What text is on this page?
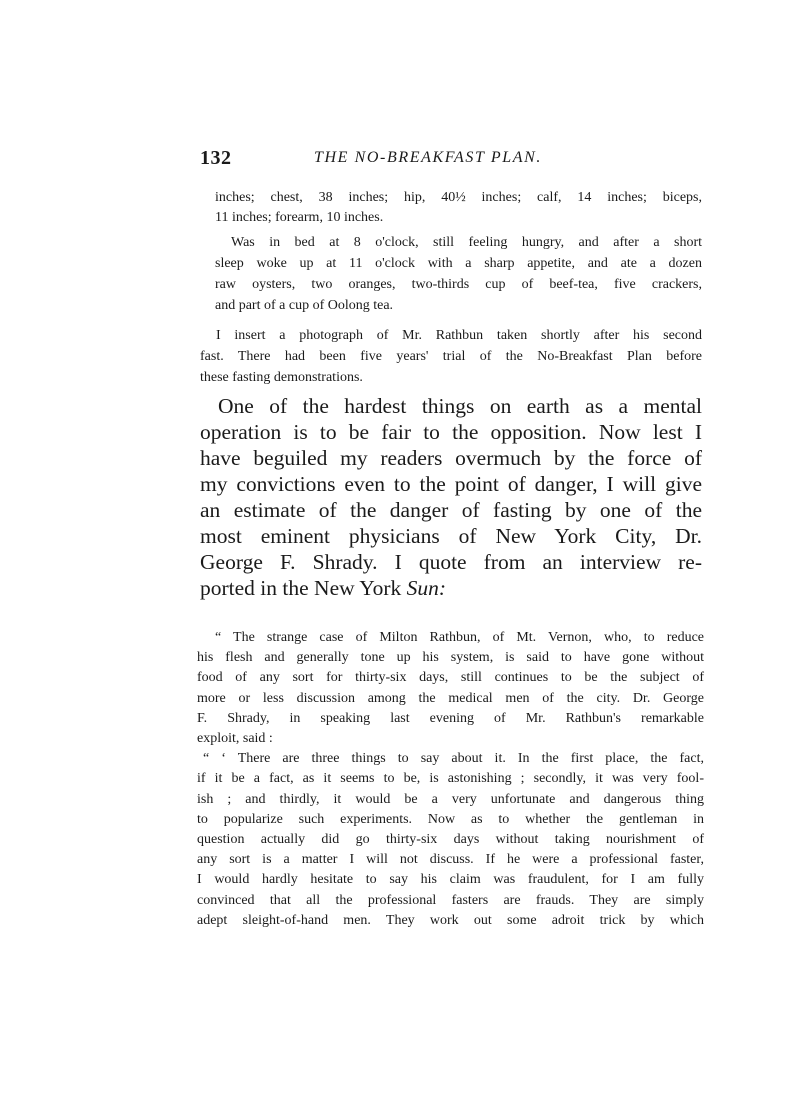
132	THE NO-BREAKFAST PLAN.
inches; chest, 38 inches; hip, 40½ inches; calf, 14 inches; biceps,
11 inches; forearm, 10 inches.
Was in bed at 8 o'clock, still feeling hungry, and after a short
sleep woke up at 11 o'clock with a sharp appetite, and ate a dozen
raw oysters, two oranges, two-thirds cup of beef-tea, five crackers,
and part of a cup of Oolong tea.
I insert a photograph of Mr. Rathbun taken shortly after his second
fast. There had been five years' trial of the No-Breakfast Plan before
these fasting demonstrations.
One of the hardest things on earth as a mental
operation is to be fair to the opposition. Now lest I
have beguiled my readers overmuch by the force of
my convictions even to the point of danger, I will give
an estimate of the danger of fasting by one of the
most eminent physicians of New York City, Dr.
George F. Shrady. I quote from an interview re-
ported in the New York Sun:
“ The strange case of Milton Rathbun, of Mt. Vernon, who, to reduce
his flesh and generally tone up his system, is said to have gone without
food of any sort for thirty-six days, still continues to be the subject of
more or less discussion among the medical men of the city. Dr. George
F. Shrady, in speaking last evening of Mr. Rathbun's remarkable
exploit, said :
“ ‘ There are three things to say about it. In the first place, the fact,
if it be a fact, as it seems to be, is astonishing ; secondly, it was very fool-
ish ; and thirdly, it would be a very unfortunate and dangerous thing
to popularize such experiments. Now as to whether the gentleman in
question actually did go thirty-six days without taking nourishment of
any sort is a matter I will not discuss. If he were a professional faster,
I would hardly hesitate to say his claim was fraudulent, for I am fully
convinced that all the professional fasters are frauds. They are simply
adept sleight-of-hand men. They work out some adroit trick by which
